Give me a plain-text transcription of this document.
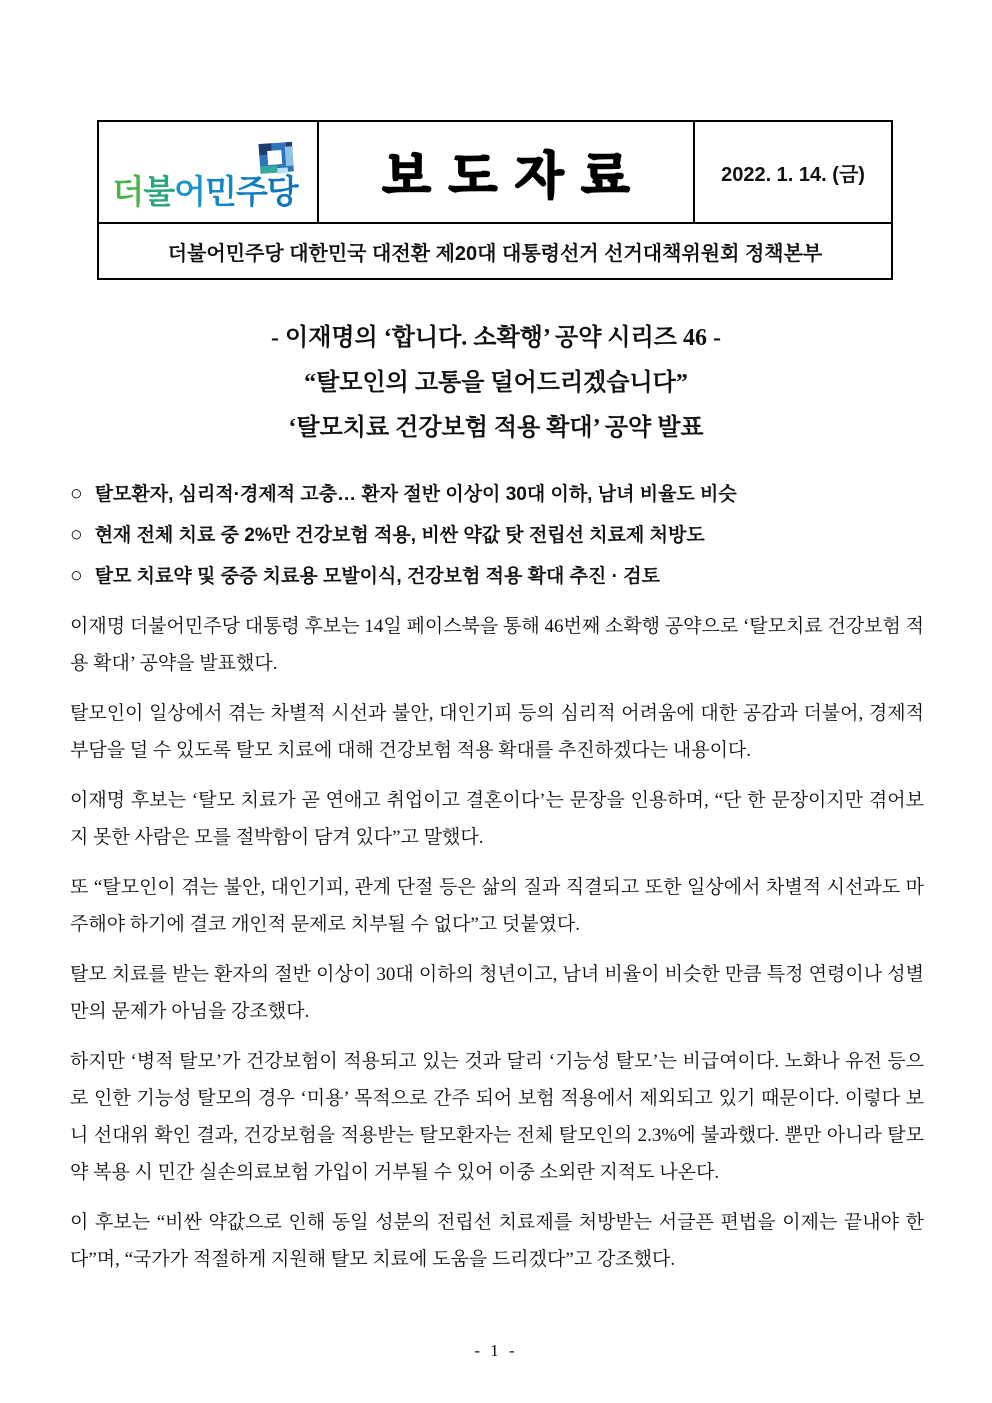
더불어민주당	보도자료	2022. 1. 14. (금)
더불어민주당 대한민국 대전환 제20대 대통령선거 선거대책위원회 정책본부
- 이재명의 ‘합니다. 소확행’ 공약 시리즈 46 -
“탈모인의 고통을 덜어드리겠습니다”
‘탈모치료 건강보험 적용 확대’ 공약 발표
○ 탈모환자, 심리적·경제적 고충… 환자 절반 이상이 30대 이하, 남녀 비율도 비슷
○ 현재 전체 치료 중 2%만 건강보험 적용, 비싼 약값 탓 전립선 치료제 처방도
○ 탈모 치료약 및 중증 치료용 모발이식, 건강보험 적용 확대 추진 · 검토

이재명 더불어민주당 대통령 후보는 14일 페이스북을 통해 46번째 소확행 공약으로 ‘탈모치료 건강보험 적용 확대’ 공약을 발표했다.

탈모인이 일상에서 겪는 차별적 시선과 불안, 대인기피 등의 심리적 어려움에 대한 공감과 더불어, 경제적 부담을 덜 수 있도록 탈모 치료에 대해 건강보험 적용 확대를 추진하겠다는 내용이다.

이재명 후보는 ‘탈모 치료가 곧 연애고 취업이고 결혼이다’는 문장을 인용하며, “단 한 문장이지만 겪어보지 못한 사람은 모를 절박함이 담겨 있다”고 말했다.

또 “탈모인이 겪는 불안, 대인기피, 관계 단절 등은 삶의 질과 직결되고 또한 일상에서 차별적 시선과도 마주해야 하기에 결코 개인적 문제로 치부될 수 없다”고 덧붙였다.

탈모 치료를 받는 환자의 절반 이상이 30대 이하의 청년이고, 남녀 비율이 비슷한 만큼 특정 연령이나 성별만의 문제가 아님을 강조했다.

하지만 ‘병적 탈모’가 건강보험이 적용되고 있는 것과 달리 ‘기능성 탈모’는 비급여이다. 노화나 유전 등으로 인한 기능성 탈모의 경우 ‘미용’ 목적으로 간주 되어 보험 적용에서 제외되고 있기 때문이다. 이렇다 보니 선대위 확인 결과, 건강보험을 적용받는 탈모환자는 전체 탈모인의 2.3%에 불과했다. 뿐만 아니라 탈모약 복용 시 민간 실손의료보험 가입이 거부될 수 있어 이중 소외란 지적도 나온다.

이 후보는 “비싼 약값으로 인해 동일 성분의 전립선 치료제를 처방받는 서글픈 편법을 이제는 끝내야 한다”며, “국가가 적절하게 지원해 탈모 치료에 도움을 드리겠다”고 강조했다.

- 1 -
